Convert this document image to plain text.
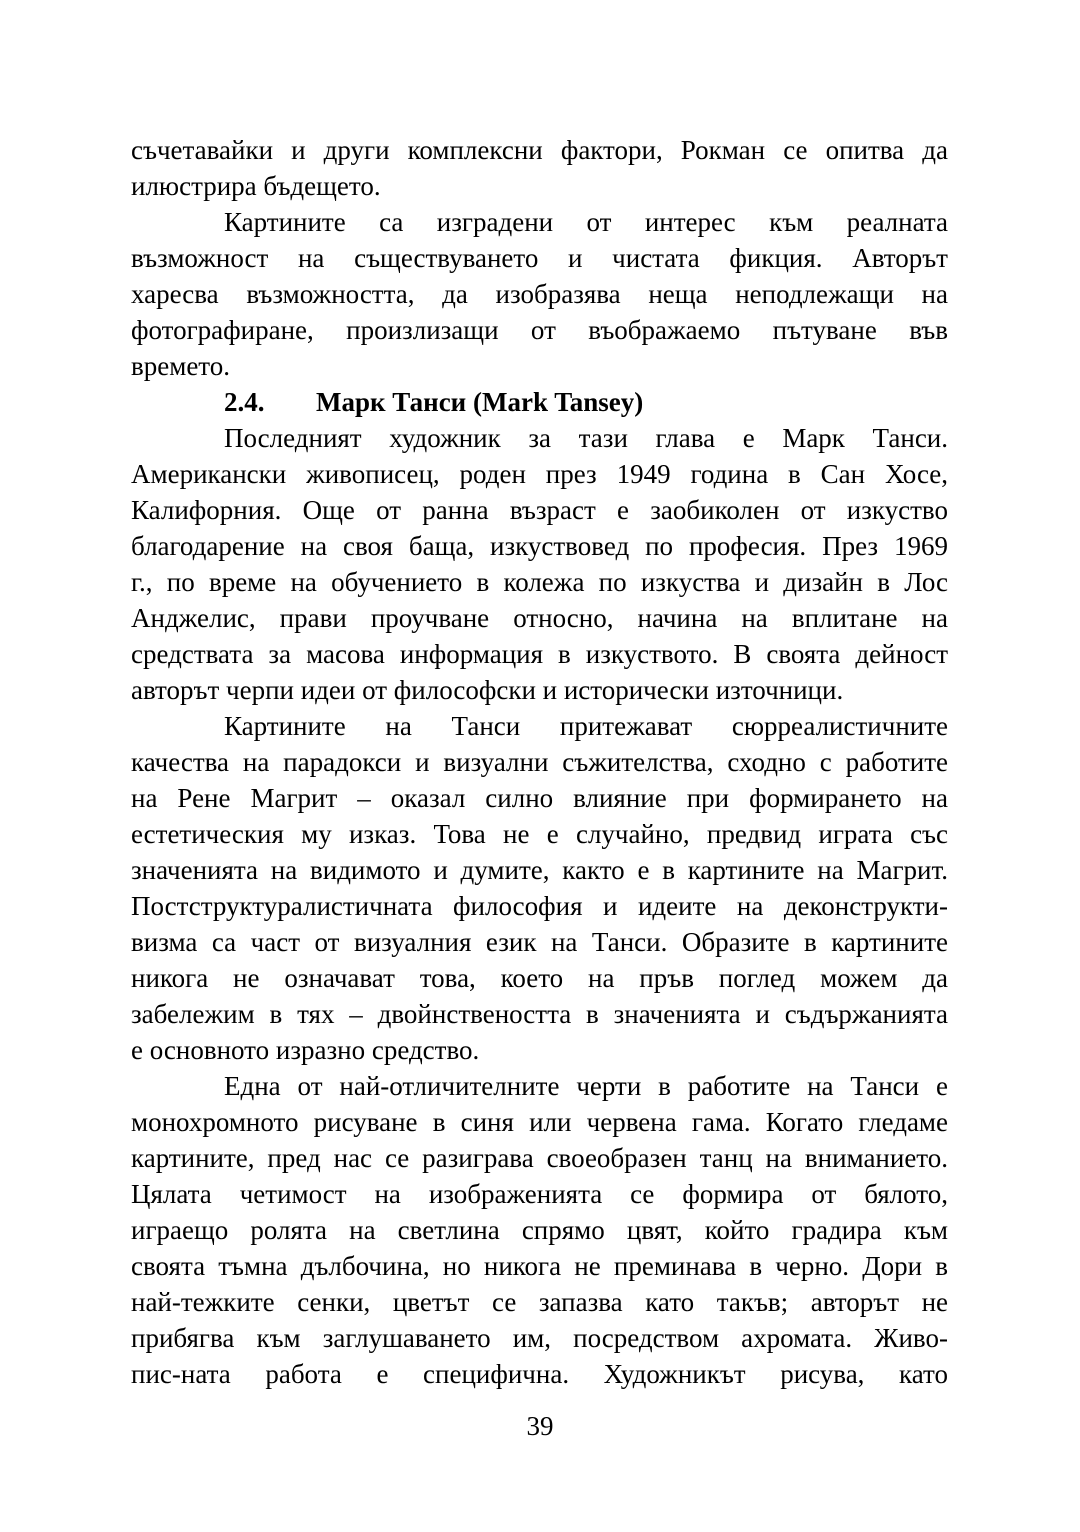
съчетавайки и други комплексни фактори, Рокман се опитва да
илюстрира бъдещето.
Картините са изградени от интерес към реалната
възможност на съществуването и чистата фикция. Авторът
харесва възможността, да изобразява неща неподлежащи на
фотографиране, произлизащи от въображаемо пътуване във
времето.
2.4. Марк Танси (Mark Tansey)
Последният художник за тази глава е Марк Танси.
Американски живописец, роден през 1949 година в Сан Хосе,
Калифорния. Още от ранна възраст е заобиколен от изкуство
благодарение на своя баща, изкуствовед по професия. През 1969
г., по време на обучението в колежа по изкуства и дизайн в Лос
Анджелис, прави проучване относно, начина на вплитане на
средствата за масова информация в изкуството. В своята дейност
авторът черпи идеи от философски и исторически източници.
Картините на Танси притежават сюрреалистичните
качества на парадокси и визуални съжителства, сходно с работите
на Рене Магрит – оказал силно влияние при формирането на
естетическия му изказ. Това не е случайно, предвид играта със
значенията на видимото и думите, както е в картините на Магрит.
Постструктуралистичната философия и идеите на деконструкти-
визма са част от визуалния език на Танси. Образите в картините
никога не означават това, което на пръв поглед можем да
забележим в тях – двойнствеността в значенията и съдържанията
е основното изразно средство.
Една от най-отличителните черти в работите на Танси е
монохромното рисуване в синя или червена гама. Когато гледаме
картините, пред нас се разиграва своеобразен танц на вниманието.
Цялата четимост на изображенията се формира от бялото,
играещо ролята на светлина спрямо цвят, който градира към
своята тъмна дълбочина, но никога не преминава в черно. Дори в
най-тежките сенки, цветът се запазва като такъв; авторът не
прибягва към заглушаването им, посредством ахромата. Живо-
пис-ната работа е специфична. Художникът рисува, като
39
